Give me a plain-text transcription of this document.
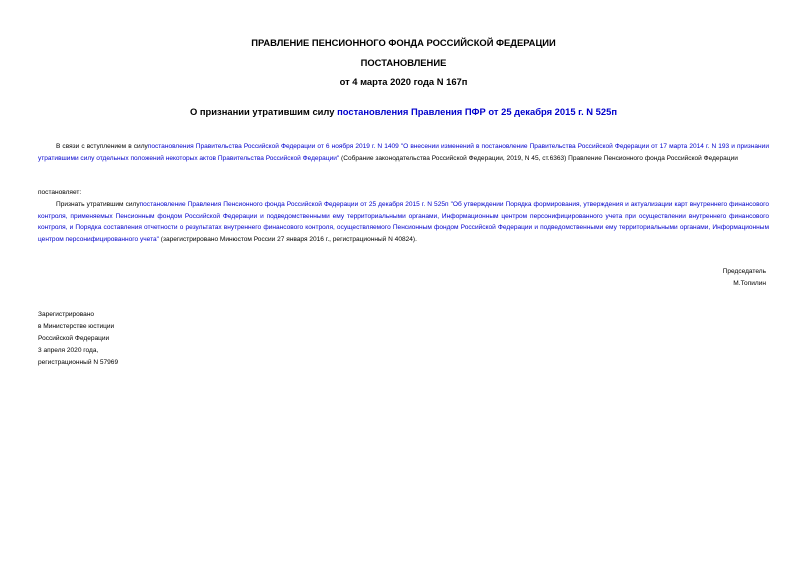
ПРАВЛЕНИЕ ПЕНСИОННОГО ФОНДА РОССИЙСКОЙ ФЕДЕРАЦИИ
ПОСТАНОВЛЕНИЕ
от 4 марта 2020 года N 167п
О признании утратившим силу постановления Правления ПФР от 25 декабря 2015 г. N 525п
В связи с вступлением в силупостановления Правительства Российской Федерации от 6 ноября 2019 г. N 1409 "О внесении изменений в постановление Правительства Российской Федерации от 17 марта 2014 г. N 193 и признании утратившими силу отдельных положений некоторых актов Правительства Российской Федерации" (Собрание законодательства Российской Федерации, 2019, N 45, ст.6363) Правление Пенсионного фонда Российской Федерации
постановляет:
Признать утратившим силупостановление Правления Пенсионного фонда Российской Федерации от 25 декабря 2015 г. N 525п "Об утверждении Порядка формирования, утверждения и актуализации карт внутреннего финансового контроля, применяемых Пенсионным фондом Российской Федерации и подведомственными ему территориальными органами, Информационным центром персонифицированного учета при осуществлении внутреннего финансового контроля, и Порядка составления отчетности о результатах внутреннего финансового контроля, осуществляемого Пенсионным фондом Российской Федерации и подведомственными ему территориальными органами, Информационным центром персонифицированного учета" (зарегистрировано Минюстом России 27 января 2016 г., регистрационный N 40824).
Председатель
М.Топилин
Зарегистрировано
в Министерстве юстиции
Российской Федерации
3 апреля 2020 года,
регистрационный N 57969
